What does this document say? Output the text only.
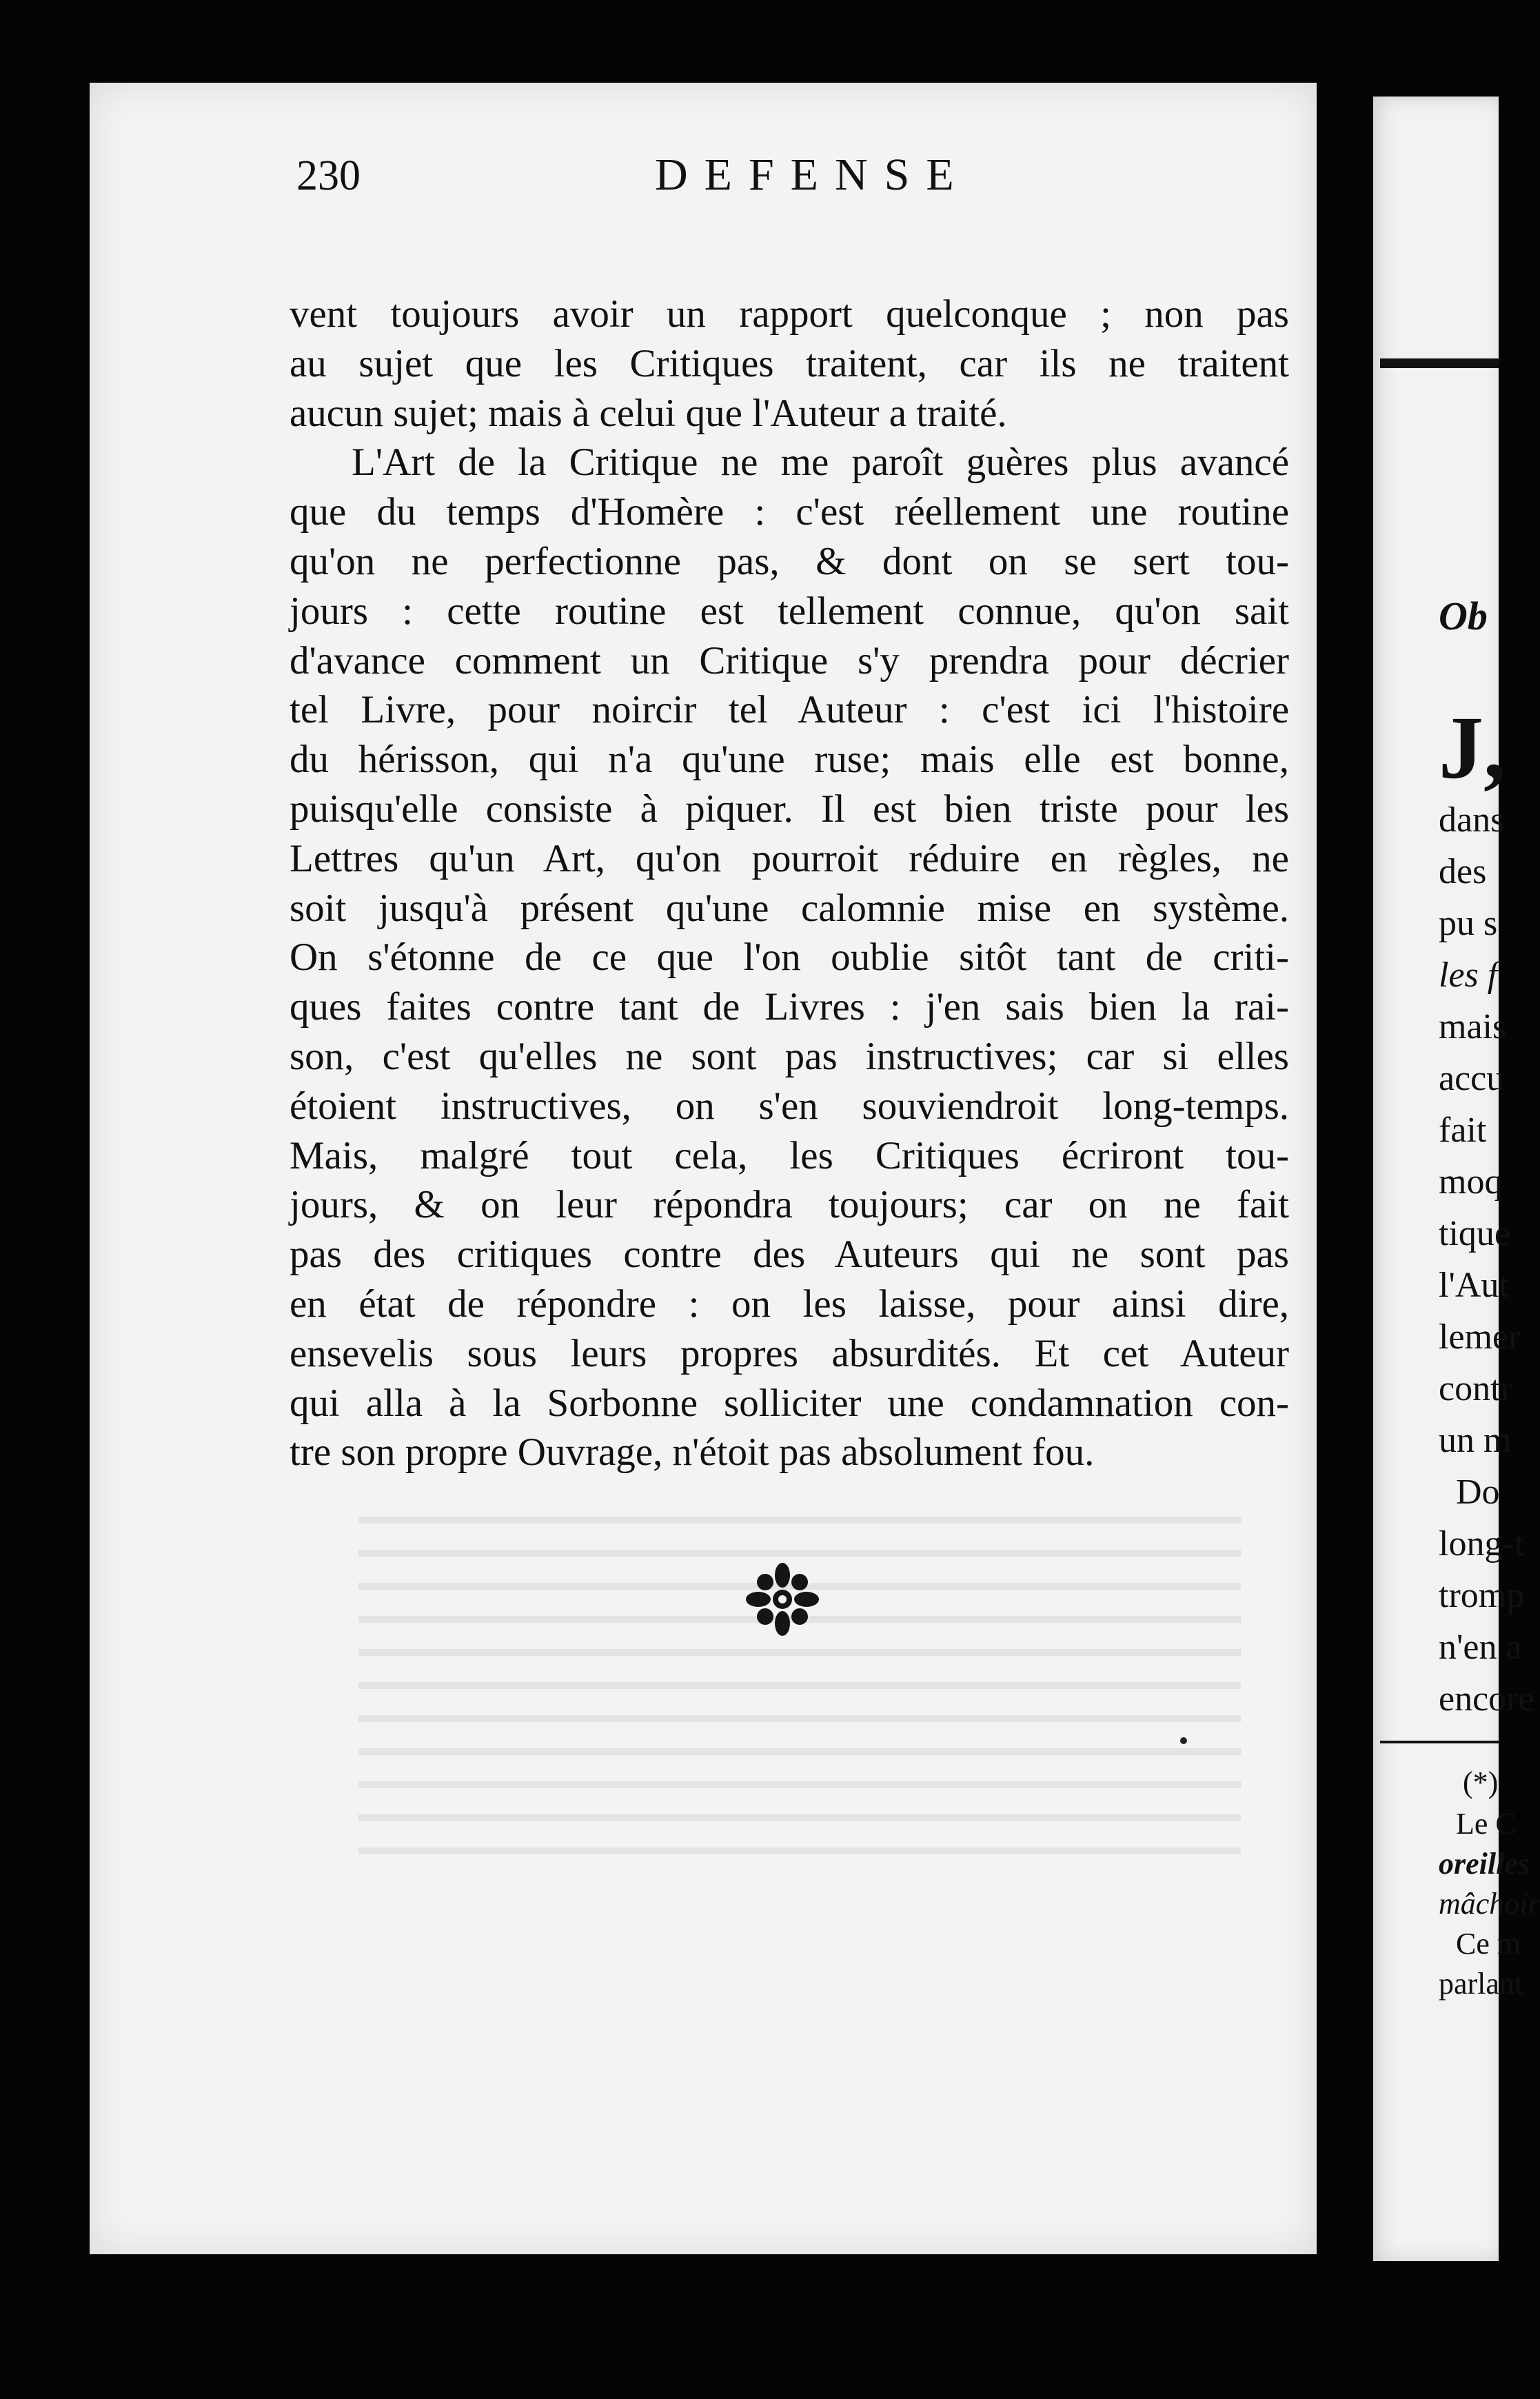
230	DEFENSE
vent toujours avoir un rapport quelconque ; non pas
au sujet que les Critiques traitent, car ils ne traitent
aucun sujet; mais à celui que l'Auteur a traité.
L'Art de la Critique ne me paroît guères plus avancé
que du temps d'Homère : c'est réellement une routine
qu'on ne perfectionne pas, & dont on se sert tou-
jours : cette routine est tellement connue, qu'on sait
d'avance comment un Critique s'y prendra pour décrier
tel Livre, pour noircir tel Auteur : c'est ici l'histoire
du hérisson, qui n'a qu'une ruse; mais elle est bonne,
puisqu'elle consiste à piquer. Il est bien triste pour les
Lettres qu'un Art, qu'on pourroit réduire en règles, ne
soit jusqu'à présent qu'une calomnie mise en système.
On s'étonne de ce que l'on oublie sitôt tant de criti-
ques faites contre tant de Livres : j'en sais bien la rai-
son, c'est qu'elles ne sont pas instructives; car si elles
étoient instructives, on s'en souviendroit long-temps.
Mais, malgré tout cela, les Critiques écriront tou-
jours, & on leur répondra toujours; car on ne fait
pas des critiques contre des Auteurs qui ne sont pas
en état de répondre : on les laisse, pour ainsi dire,
ensevelis sous leurs propres absurdités. Et cet Auteur
qui alla à la Sorbonne solliciter une condamnation con-
tre son propre Ouvrage, n'étoit pas absolument fou.
Ob
J,
dans
des
pu s
les f
mais
accu
fait
moq
tique
l'Aut
lemer
contr
un m
Do
long-t
tromp
n'en a
encore
(*)
Le C
oreilles
mâchoir
Ce m
parlant
